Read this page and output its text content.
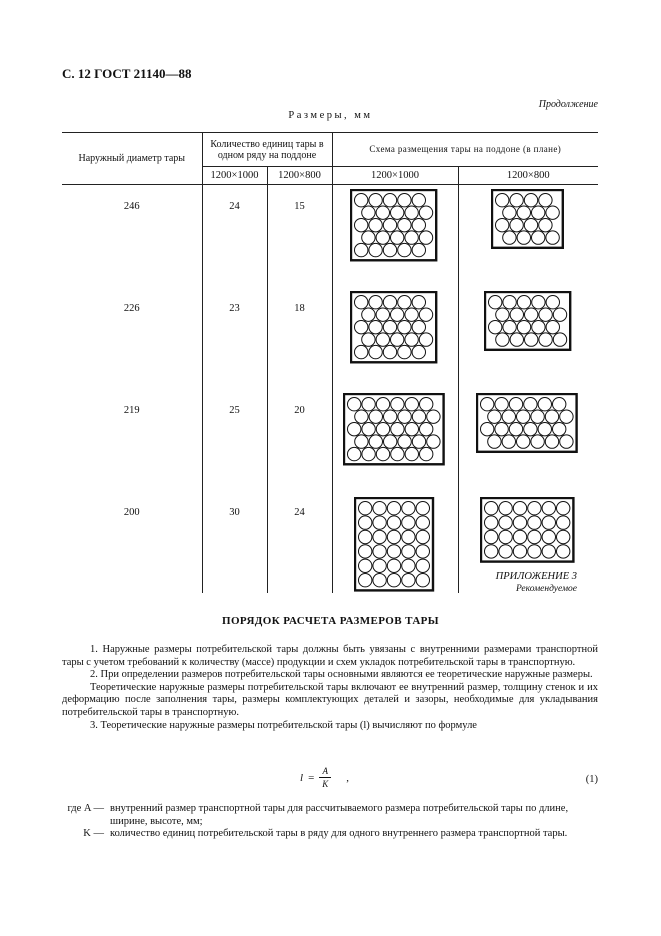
С. 12 ГОСТ 21140—88
Продолжение
Размеры, мм
Наружный диаметр тары	Количество единиц тары в одном ряду на поддоне		Схема размещения тары на поддоне (в плане)	
	1200×1000	1200×800	1200×1000	1200×800
246	24	15	

226	23	18	

219	25	20	

200	30	24	

ПРИЛОЖЕНИЕ 3
Рекомендуемое
ПОРЯДОК РАСЧЕТА РАЗМЕРОВ ТАРЫ

1. Наружные размеры потребительской тары должны быть увязаны с внутренними размерами транспортной тары с учетом требований к количеству (массе) продукции и схем укладок потребительской тары в транспортную.

2. При определении размеров потребительской тары основными являются ее теоретические наружные размеры.

Теоретические наружные размеры потребительской тары включают ее внутренний размер, толщину стенок и их деформацию после заполнения тары, размеры комплектующих деталей и зазоры, необходимые для укладывания потребительской тары в транспортную.

3. Теоретические наружные размеры потребительской тары (l) вычисляют по формуле

$l = \frac{A}{K}$ ,	(1)
где A — внутренний размер транспортной тары для рассчитываемого размера потребительской тары по длине, ширине, высоте, мм;
K — количество единиц потребительской тары в ряду для одного внутреннего размера транспортной тары.
